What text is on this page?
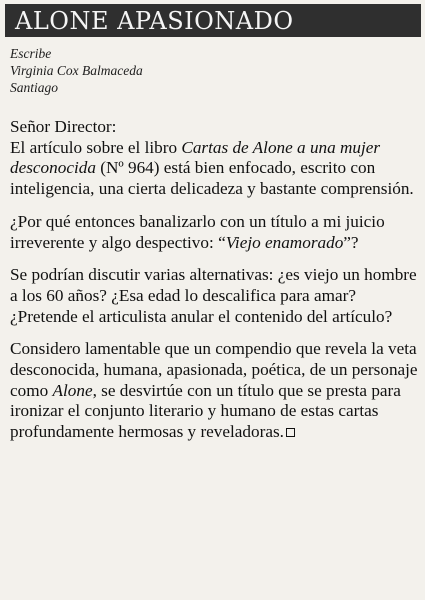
ALONE APASIONADO
Escribe
Virginia Cox Balmaceda
Santiago
Señor Director:

El artículo sobre el libro Cartas de Alone a una mujer desconocida (Nº 964) está bien enfocado, escrito con inteligencia, una cierta delicadeza y bastante comprensión.

¿Por qué entonces banalizarlo con un título a mi juicio irreverente y algo despectivo: “Viejo enamorado”?

Se podrían discutir varias alternativas: ¿es viejo un hombre a los 60 años? ¿Esa edad lo descalifica para amar? ¿Pretende el articulista anular el contenido del artículo?

Considero lamentable que un compendio que revela la veta desconocida, humana, apasionada, poética, de un personaje como Alone, se desvirtúe con un título que se presta para ironizar el conjunto literario y humano de estas cartas profundamente hermosas y reveladoras.
